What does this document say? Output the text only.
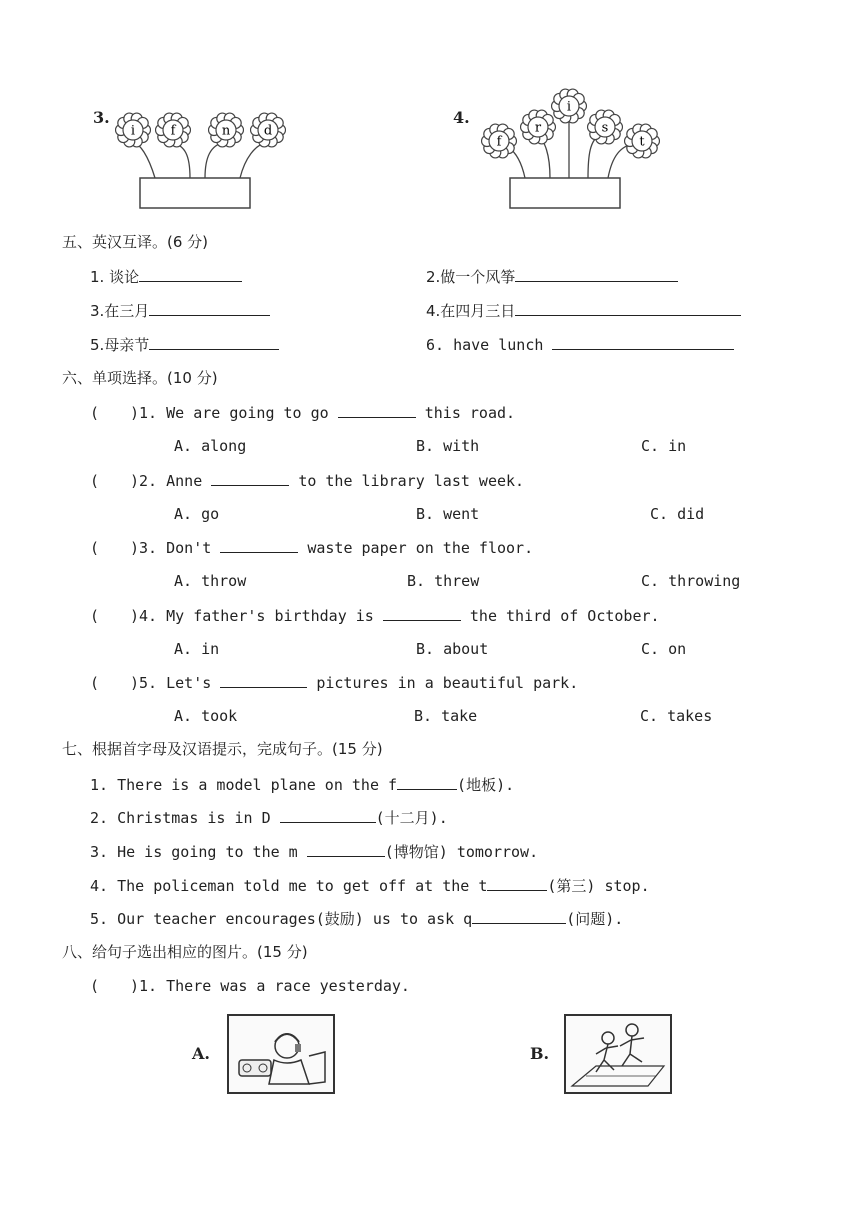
3.
i	f	n	d
4.
f
r
i
s
t
五、英汉互译。(6 分)
1. 谈论	2.做一个风筝
3.在三月	4.在四月三日
5.母亲节	6. have lunch
六、单项选择。(10 分)
( )1. We are going to go	this road.
A. along	B. with	C. in
( )2. Anne	to the library last week.
A. go	B. went	C. did
( )3. Don't	waste paper on the floor.
A. throw	B. threw	C. throwing
( )4. My father's birthday is	the third of October.
A. in	B. about	C. on
( )5. Let's	pictures in a beautiful park.
A. took	B. take	C. takes
七、根据首字母及汉语提示，完成句子。(15 分)
1. There is a model plane on the f	(地板).
2. Christmas is in D	(十二月).
3. He is going to the m	(博物馆) tomorrow.
4. The policeman told me to get off at the t	(第三) stop.
5. Our teacher encourages(鼓励) us to ask q	(问题).
八、给句子选出相应的图片。(15 分)
( )1. There was a race yesterday.
A.	B.
